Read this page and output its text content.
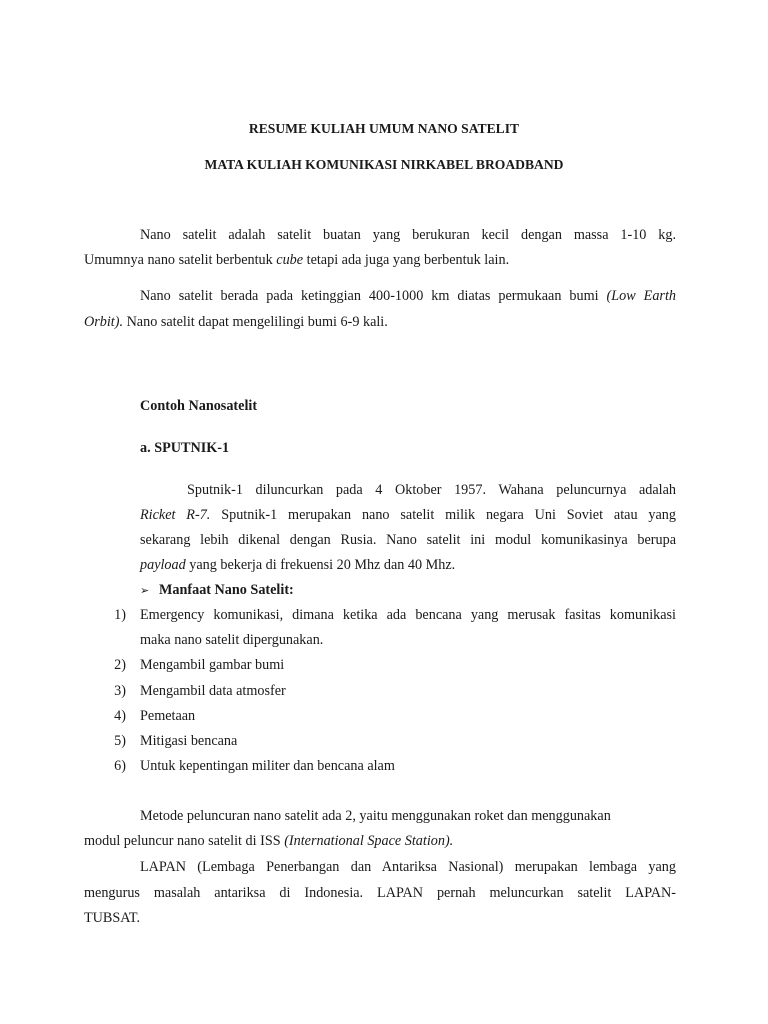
RESUME KULIAH UMUM NANO SATELIT
MATA KULIAH KOMUNIKASI NIRKABEL BROADBAND
Nano satelit adalah satelit buatan yang berukuran kecil dengan massa 1-10 kg.
Umumnya nano satelit berbentuk cube tetapi ada juga yang berbentuk lain.
Nano satelit berada pada ketinggian 400-1000 km diatas permukaan bumi (Low Earth
Orbit). Nano satelit dapat mengelilingi bumi 6-9 kali.
Contoh Nanosatelit
a. SPUTNIK-1
Sputnik-1 diluncurkan pada 4 Oktober 1957. Wahana peluncurnya adalah
Ricket R-7. Sputnik-1 merupakan nano satelit milik negara Uni Soviet atau yang
sekarang lebih dikenal dengan Rusia. Nano satelit ini modul komunikasinya berupa
payload yang bekerja di frekuensi 20 Mhz dan 40 Mhz.
➢ Manfaat Nano Satelit:
1) Emergency komunikasi, dimana ketika ada bencana yang merusak fasitas komunikasi
maka nano satelit dipergunakan.
2) Mengambil gambar bumi
3) Mengambil data atmosfer
4) Pemetaan
5) Mitigasi bencana
6) Untuk kepentingan militer dan bencana alam
Metode peluncuran nano satelit ada 2, yaitu menggunakan roket dan menggunakan
modul peluncur nano satelit di ISS (International Space Station).
LAPAN (Lembaga Penerbangan dan Antariksa Nasional) merupakan lembaga yang
mengurus masalah antariksa di Indonesia. LAPAN pernah meluncurkan satelit LAPAN-
TUBSAT.
